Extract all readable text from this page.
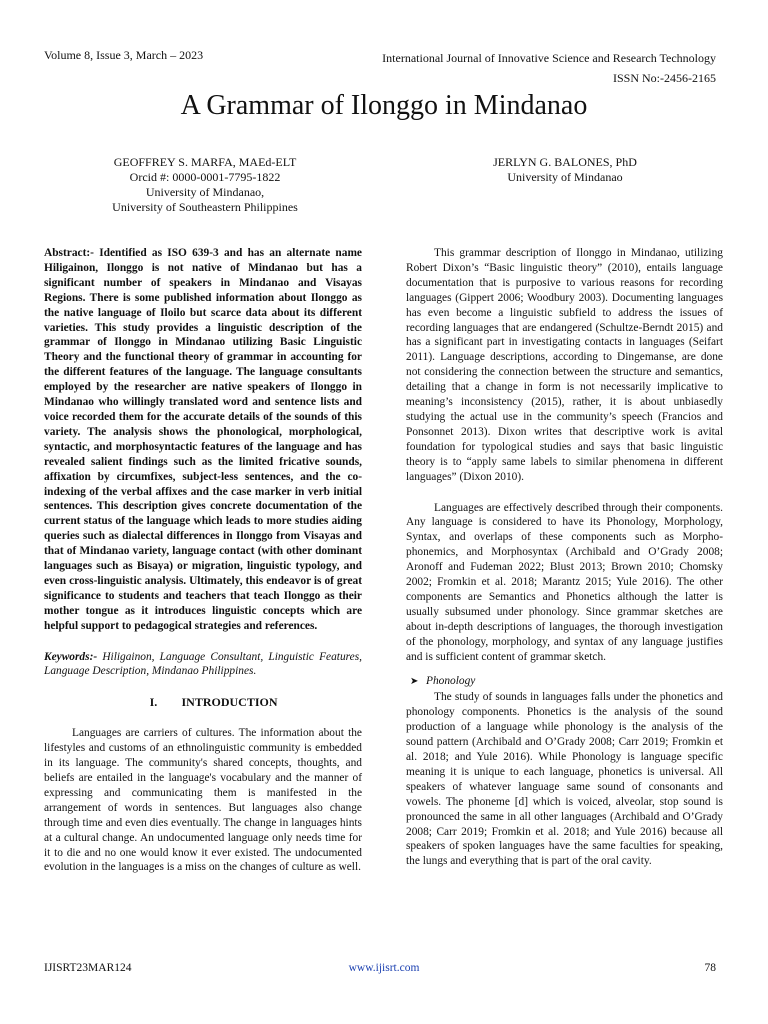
Volume 8, Issue 3, March – 2023	International Journal of Innovative Science and Research Technology
ISSN No:-2456-2165
A Grammar of Ilonggo in Mindanao
GEOFFREY S. MARFA, MAEd-ELT
Orcid #: 0000-0001-7795-1822
University of Mindanao,
University of Southeastern Philippines
JERLYN G. BALONES, PhD
University of Mindanao

Abstract:- Identified as ISO 639-3 and has an alternate name Hiligainon, Ilonggo is not native of Mindanao but has a significant number of speakers in Mindanao and Visayas Regions. There is some published information about Ilonggo as the native language of Iloilo but scarce data about its different varieties. This study provides a linguistic description of the grammar of Ilonggo in Mindanao utilizing Basic Linguistic Theory and the functional theory of grammar in accounting for the different features of the language. The language consultants employed by the researcher are native speakers of Ilonggo in Mindanao who willingly translated word and sentence lists and voice recorded them for the accurate details of the sounds of this variety. The analysis shows the phonological, morphological, syntactic, and morphosyntactic features of the language and has revealed salient findings such as the limited fricative sounds, affixation by circumfixes, subject-less sentences, and the co-indexing of the verbal affixes and the case marker in verb initial sentences. This description gives concrete documentation of the current status of the language which leads to more studies aiding queries such as dialectal differences in Ilonggo from Visayas and that of Mindanao variety, language contact (with other dominant languages such as Bisaya) or migration, linguistic typology, and even cross-linguistic analysis. Ultimately, this endeavor is of great significance to students and teachers that teach Ilonggo as their mother tongue as it introduces linguistic concepts which are helpful support to pedagogical strategies and references.

Keywords:- Hiligainon, Language Consultant, Linguistic Features, Language Description, Mindanao Philippines.

I. INTRODUCTION

Languages are carriers of cultures. The information about the lifestyles and customs of an ethnolinguistic community is embedded in its language. The community's shared concepts, thoughts, and beliefs are entailed in the language's vocabulary and the manner of expressing and communicating them is manifested in the arrangement of words in sentences. But languages also change through time and even dies eventually. The change in languages hints at a cultural change. An undocumented language only needs time for it to die and no one would know it ever existed. The undocumented evolution in the languages is a miss on the changes of culture as well.

This grammar description of Ilonggo in Mindanao, utilizing Robert Dixon’s “Basic linguistic theory” (2010), entails language documentation that is purposive to various reasons for recording languages (Gippert 2006; Woodbury 2003). Documenting languages has even become a linguistic subfield to address the issues of recording languages that are endangered (Schultze-Berndt 2015) and has a significant part in investigating contacts in languages (Seifart 2011). Language descriptions, according to Dingemanse, are done not considering the connection between the structure and semantics, detailing that a change in form is not necessarily implicative to meaning’s inconsistency (2015), rather, it is about unbiasedly studying the actual use in the community’s speech (Francios and Ponsonnet 2013). Dixon writes that descriptive work is avital foundation for typological studies and says that basic linguistic theory is to “apply same labels to similar phenomena in different languages” (Dixon 2010).

Languages are effectively described through their components. Any language is considered to have its Phonology, Morphology, Syntax, and overlaps of these components such as Morpho-phonemics, and Morphosyntax (Archibald and O’Grady 2008; Aronoff and Fudeman 2022; Blust 2013; Brown 2010; Chomsky 2002; Fromkin et al. 2018; Marantz 2015; Yule 2016). The other components are Semantics and Phonetics although the latter is usually subsumed under phonology. Since grammar sketches are about in-depth descriptions of languages, the thorough investigation of the phonology, morphology, and syntax of any language justifies and is sufficient content of grammar sketch.

➤ Phonology

The study of sounds in languages falls under the phonetics and phonology components. Phonetics is the analysis of the sound production of a language while phonology is the analysis of the sound pattern (Archibald and O’Grady 2008; Carr 2019; Fromkin et al. 2018; and Yule 2016). While Phonology is language specific meaning it is unique to each language, phonetics is universal. All speakers of whatever language same sound of consonants and vowels. The phoneme [d] which is voiced, alveolar, stop sound is pronounced the same in all other languages (Archibald and O’Grady 2008; Carr 2019; Fromkin et al. 2018; and Yule 2016) because all speakers of spoken languages have the same faculties for speaking, the lungs and everything that is part of the oral cavity.

IJISRT23MAR124	www.ijisrt.com	78
